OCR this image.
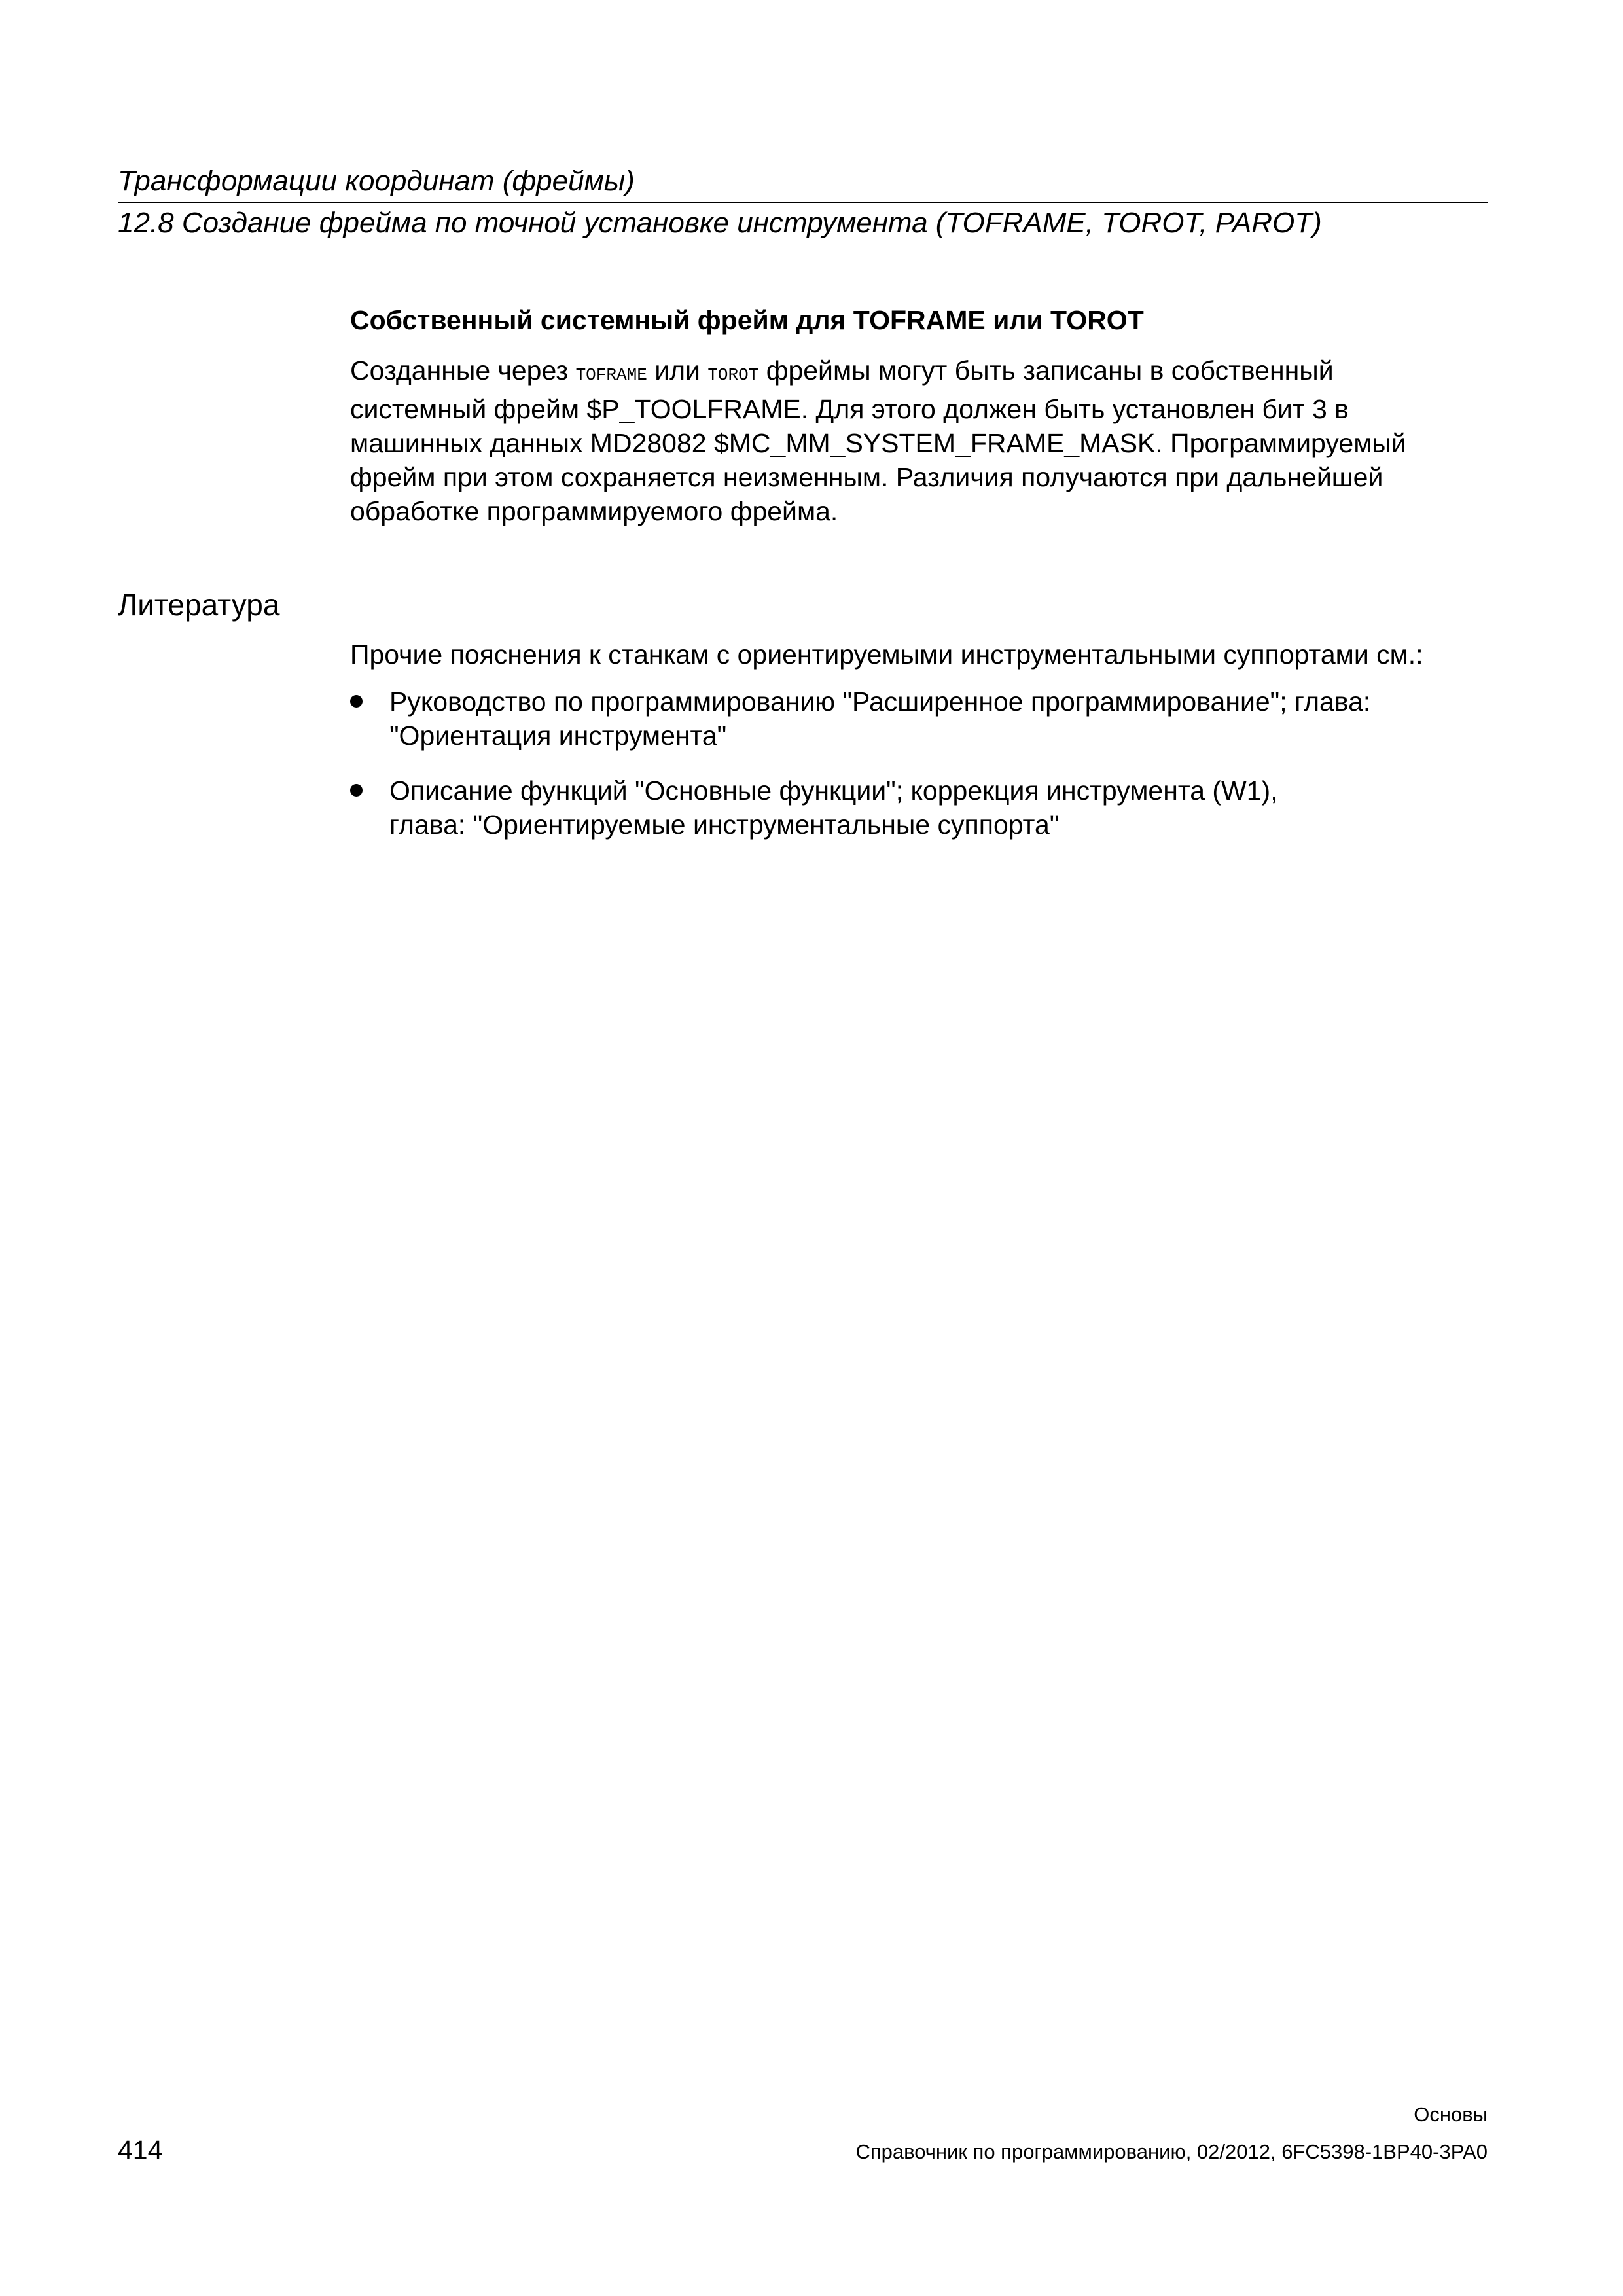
Трансформации координат (фреймы)
12.8 Создание фрейма по точной установке инструмента (TOFRAME, TOROT, PAROT)
Собственный системный фрейм для TOFRAME или TOROT
Созданные через TOFRAME или TOROT фреймы могут быть записаны в собственный
системный фрейм $P_TOOLFRAME. Для этого должен быть установлен бит 3 в
машинных данных MD28082 $MC_MM_SYSTEM_FRAME_MASK. Программируемый
фрейм при этом сохраняется неизменным. Различия получаются при дальнейшей
обработке программируемого фрейма.
Литература
Прочие пояснения к станкам с ориентируемыми инструментальными суппортами см.:
Руководство по программированию "Расширенное программирование"; глава:
"Ориентация инструмента"
Описание функций "Основные функции"; коррекция инструмента (W1),
глава: "Ориентируемые инструментальные суппорта"
Основы
414	Справочник по программированию, 02/2012, 6FC5398-1BP40-3PA0
